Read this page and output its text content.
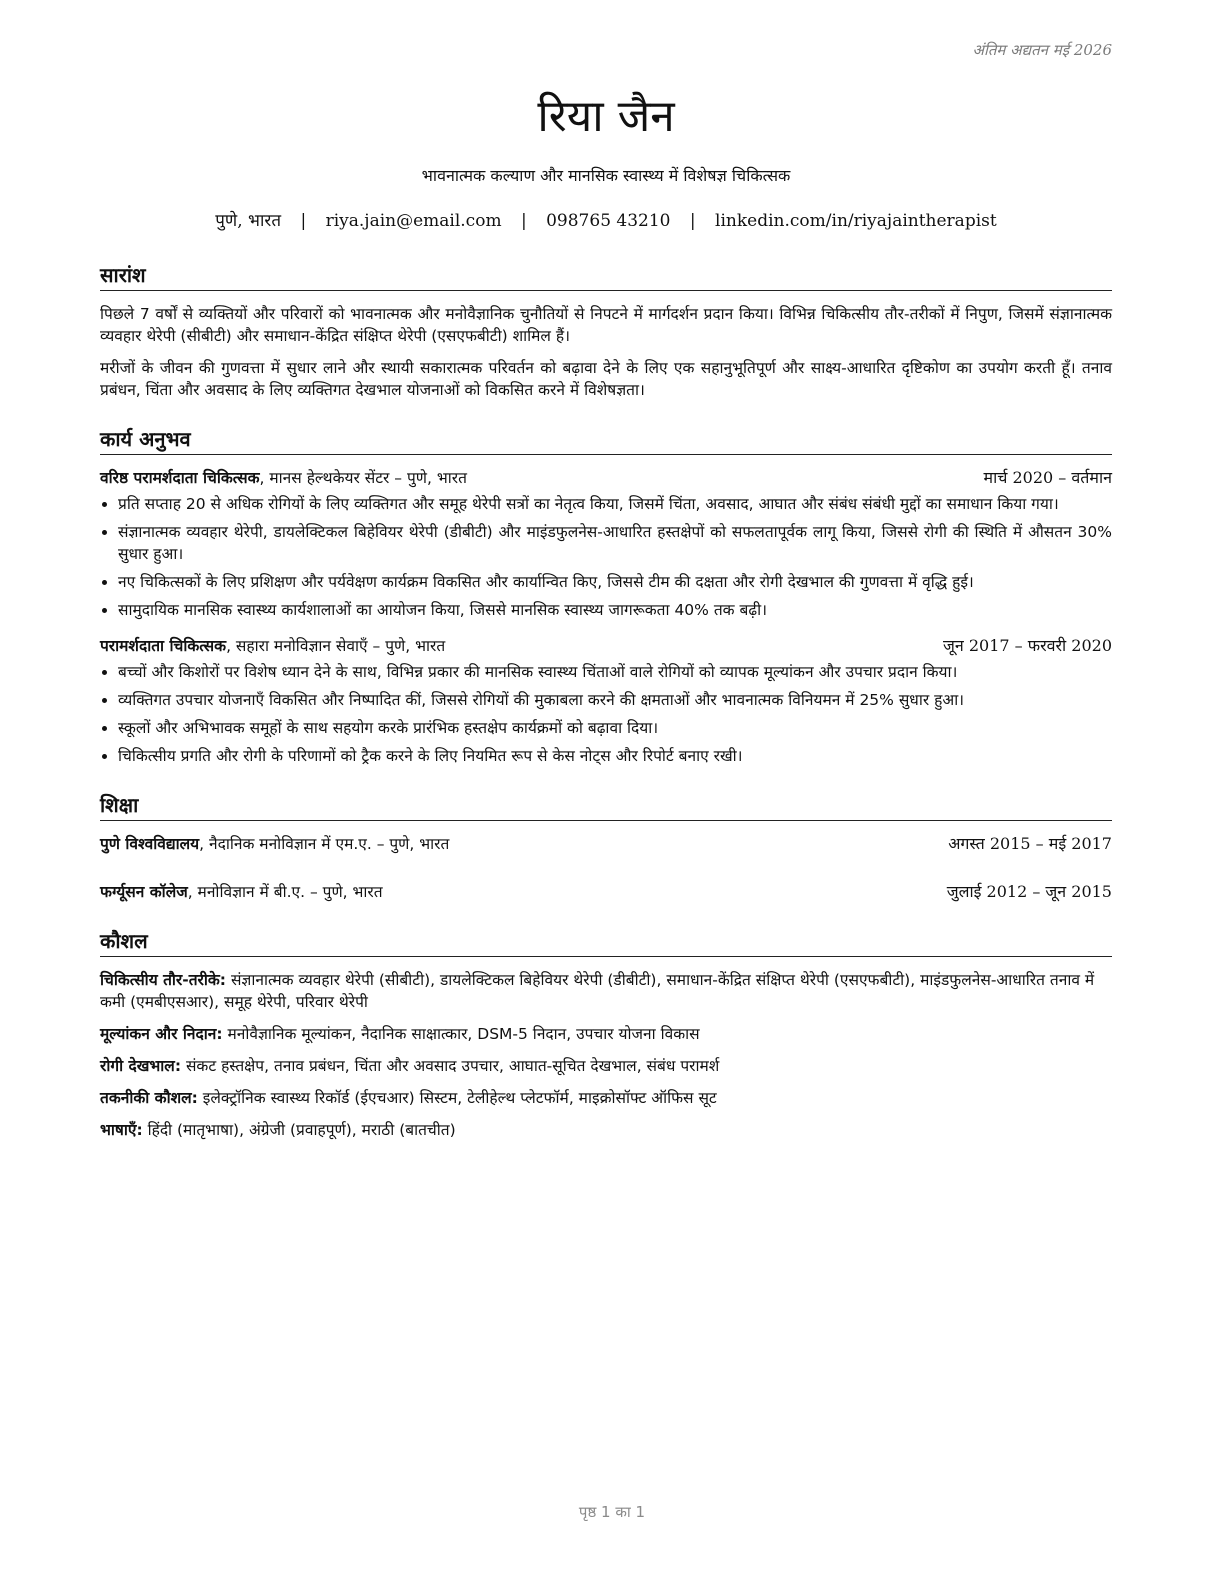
अंतिम अद्यतन मई 2026
रिया जैन
भावनात्मक कल्याण और मानसिक स्वास्थ्य में विशेषज्ञ चिकित्सक
पुणे, भारत | riya.jain@email.com | 098765 43210 | linkedin.com/in/riyajaintherapist
सारांश

पिछले 7 वर्षों से व्यक्तियों और परिवारों को भावनात्मक और मनोवैज्ञानिक चुनौतियों से निपटने में मार्गदर्शन प्रदान किया। विभिन्न चिकित्सीय तौर-तरीकों में निपुण, जिसमें संज्ञानात्मक व्यवहार थेरेपी (सीबीटी) और समाधान-केंद्रित संक्षिप्त थेरेपी (एसएफबीटी) शामिल हैं।

मरीजों के जीवन की गुणवत्ता में सुधार लाने और स्थायी सकारात्मक परिवर्तन को बढ़ावा देने के लिए एक सहानुभूतिपूर्ण और साक्ष्य-आधारित दृष्टिकोण का उपयोग करती हूँ। तनाव प्रबंधन, चिंता और अवसाद के लिए व्यक्तिगत देखभाल योजनाओं को विकसित करने में विशेषज्ञता।

कार्य अनुभव
वरिष्ठ परामर्शदाता चिकित्सक, मानस हेल्थकेयर सेंटर – पुणे, भारत	मार्च 2020 – वर्तमान
• प्रति सप्ताह 20 से अधिक रोगियों के लिए व्यक्तिगत और समूह थेरेपी सत्रों का नेतृत्व किया, जिसमें चिंता, अवसाद, आघात और संबंध संबंधी मुद्दों का समाधान किया गया।
• संज्ञानात्मक व्यवहार थेरेपी, डायलेक्टिकल बिहेवियर थेरेपी (डीबीटी) और माइंडफुलनेस-आधारित हस्तक्षेपों को सफलतापूर्वक लागू किया, जिससे रोगी की स्थिति में औसतन 30% सुधार हुआ।
• नए चिकित्सकों के लिए प्रशिक्षण और पर्यवेक्षण कार्यक्रम विकसित और कार्यान्वित किए, जिससे टीम की दक्षता और रोगी देखभाल की गुणवत्ता में वृद्धि हुई।
• सामुदायिक मानसिक स्वास्थ्य कार्यशालाओं का आयोजन किया, जिससे मानसिक स्वास्थ्य जागरूकता 40% तक बढ़ी।
परामर्शदाता चिकित्सक, सहारा मनोविज्ञान सेवाएँ – पुणे, भारत	जून 2017 – फरवरी 2020
• बच्चों और किशोरों पर विशेष ध्यान देने के साथ, विभिन्न प्रकार की मानसिक स्वास्थ्य चिंताओं वाले रोगियों को व्यापक मूल्यांकन और उपचार प्रदान किया।
• व्यक्तिगत उपचार योजनाएँ विकसित और निष्पादित कीं, जिससे रोगियों की मुकाबला करने की क्षमताओं और भावनात्मक विनियमन में 25% सुधार हुआ।
• स्कूलों और अभिभावक समूहों के साथ सहयोग करके प्रारंभिक हस्तक्षेप कार्यक्रमों को बढ़ावा दिया।
• चिकित्सीय प्रगति और रोगी के परिणामों को ट्रैक करने के लिए नियमित रूप से केस नोट्स और रिपोर्ट बनाए रखी।
शिक्षा
पुणे विश्वविद्यालय, नैदानिक मनोविज्ञान में एम.ए. – पुणे, भारत	अगस्त 2015 – मई 2017
फर्ग्यूसन कॉलेज, मनोविज्ञान में बी.ए. – पुणे, भारत	जुलाई 2012 – जून 2015
कौशल
चिकित्सीय तौर-तरीके: संज्ञानात्मक व्यवहार थेरेपी (सीबीटी), डायलेक्टिकल बिहेवियर थेरेपी (डीबीटी), समाधान-केंद्रित संक्षिप्त थेरेपी (एसएफबीटी), माइंडफुलनेस-आधारित तनाव में कमी (एमबीएसआर), समूह थेरेपी, परिवार थेरेपी
मूल्यांकन और निदान: मनोवैज्ञानिक मूल्यांकन, नैदानिक साक्षात्कार, DSM-5 निदान, उपचार योजना विकास
रोगी देखभाल: संकट हस्तक्षेप, तनाव प्रबंधन, चिंता और अवसाद उपचार, आघात-सूचित देखभाल, संबंध परामर्श
तकनीकी कौशल: इलेक्ट्रॉनिक स्वास्थ्य रिकॉर्ड (ईएचआर) सिस्टम, टेलीहेल्थ प्लेटफॉर्म, माइक्रोसॉफ्ट ऑफिस सूट
भाषाएँ: हिंदी (मातृभाषा), अंग्रेजी (प्रवाहपूर्ण), मराठी (बातचीत)
पृष्ठ 1 का 1
